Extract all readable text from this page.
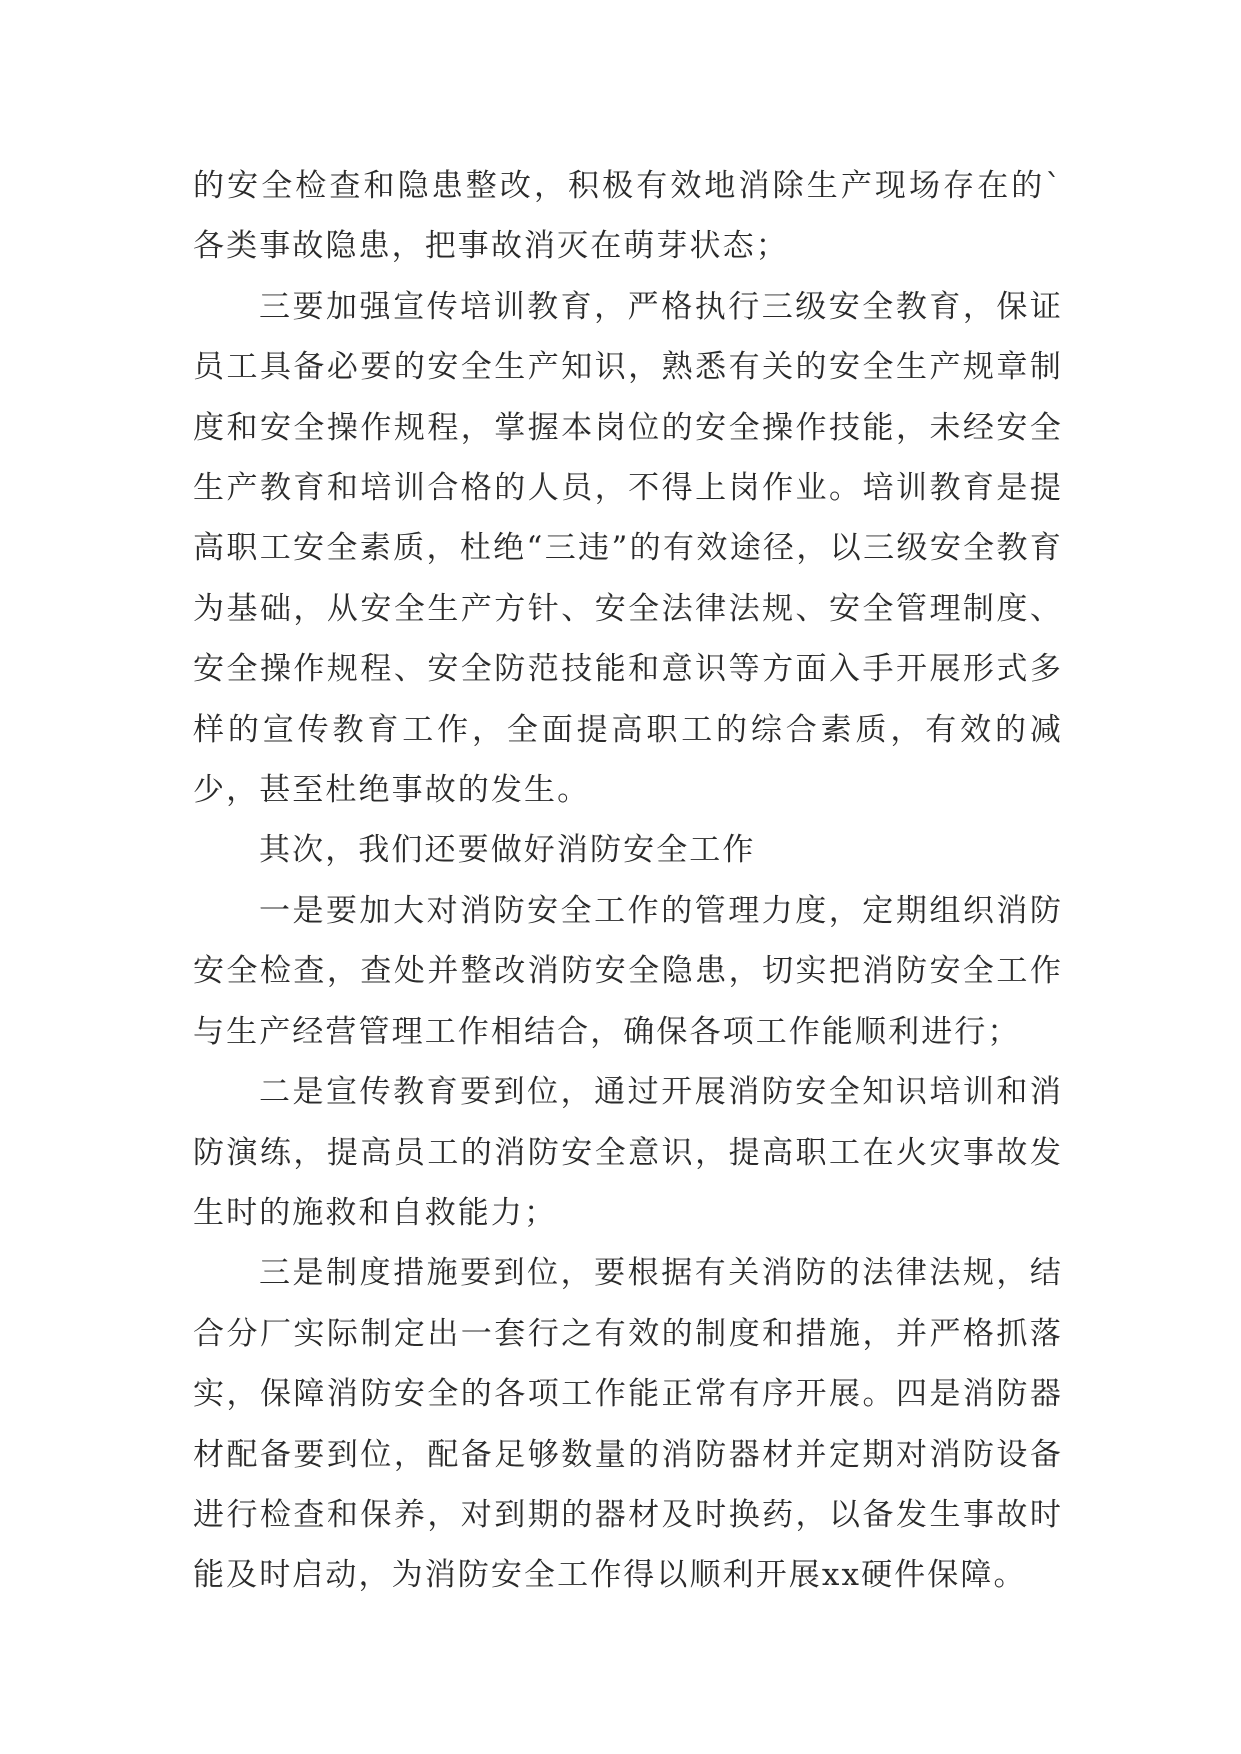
的安全检查和隐患整改，积极有效地消除生产现场存在的`各类事故隐患，把事故消灭在萌芽状态；

三要加强宣传培训教育，严格执行三级安全教育，保证员工具备必要的安全生产知识，熟悉有关的安全生产规章制度和安全操作规程，掌握本岗位的安全操作技能，未经安全生产教育和培训合格的人员，不得上岗作业。培训教育是提高职工安全素质，杜绝“三违”的有效途径，以三级安全教育为基础，从安全生产方针、安全法律法规、安全管理制度、安全操作规程、安全防范技能和意识等方面入手开展形式多样的宣传教育工作，全面提高职工的综合素质，有效的减少，甚至杜绝事故的发生。

其次，我们还要做好消防安全工作

一是要加大对消防安全工作的管理力度，定期组织消防安全检查，查处并整改消防安全隐患，切实把消防安全工作与生产经营管理工作相结合，确保各项工作能顺利进行；

二是宣传教育要到位，通过开展消防安全知识培训和消防演练，提高员工的消防安全意识，提高职工在火灾事故发生时的施救和自救能力；

三是制度措施要到位，要根据有关消防的法律法规，结合分厂实际制定出一套行之有效的制度和措施，并严格抓落实，保障消防安全的各项工作能正常有序开展。四是消防器材配备要到位，配备足够数量的消防器材并定期对消防设备进行检查和保养，对到期的器材及时换药，以备发生事故时能及时启动，为消防安全工作得以顺利开展xx硬件保障。
